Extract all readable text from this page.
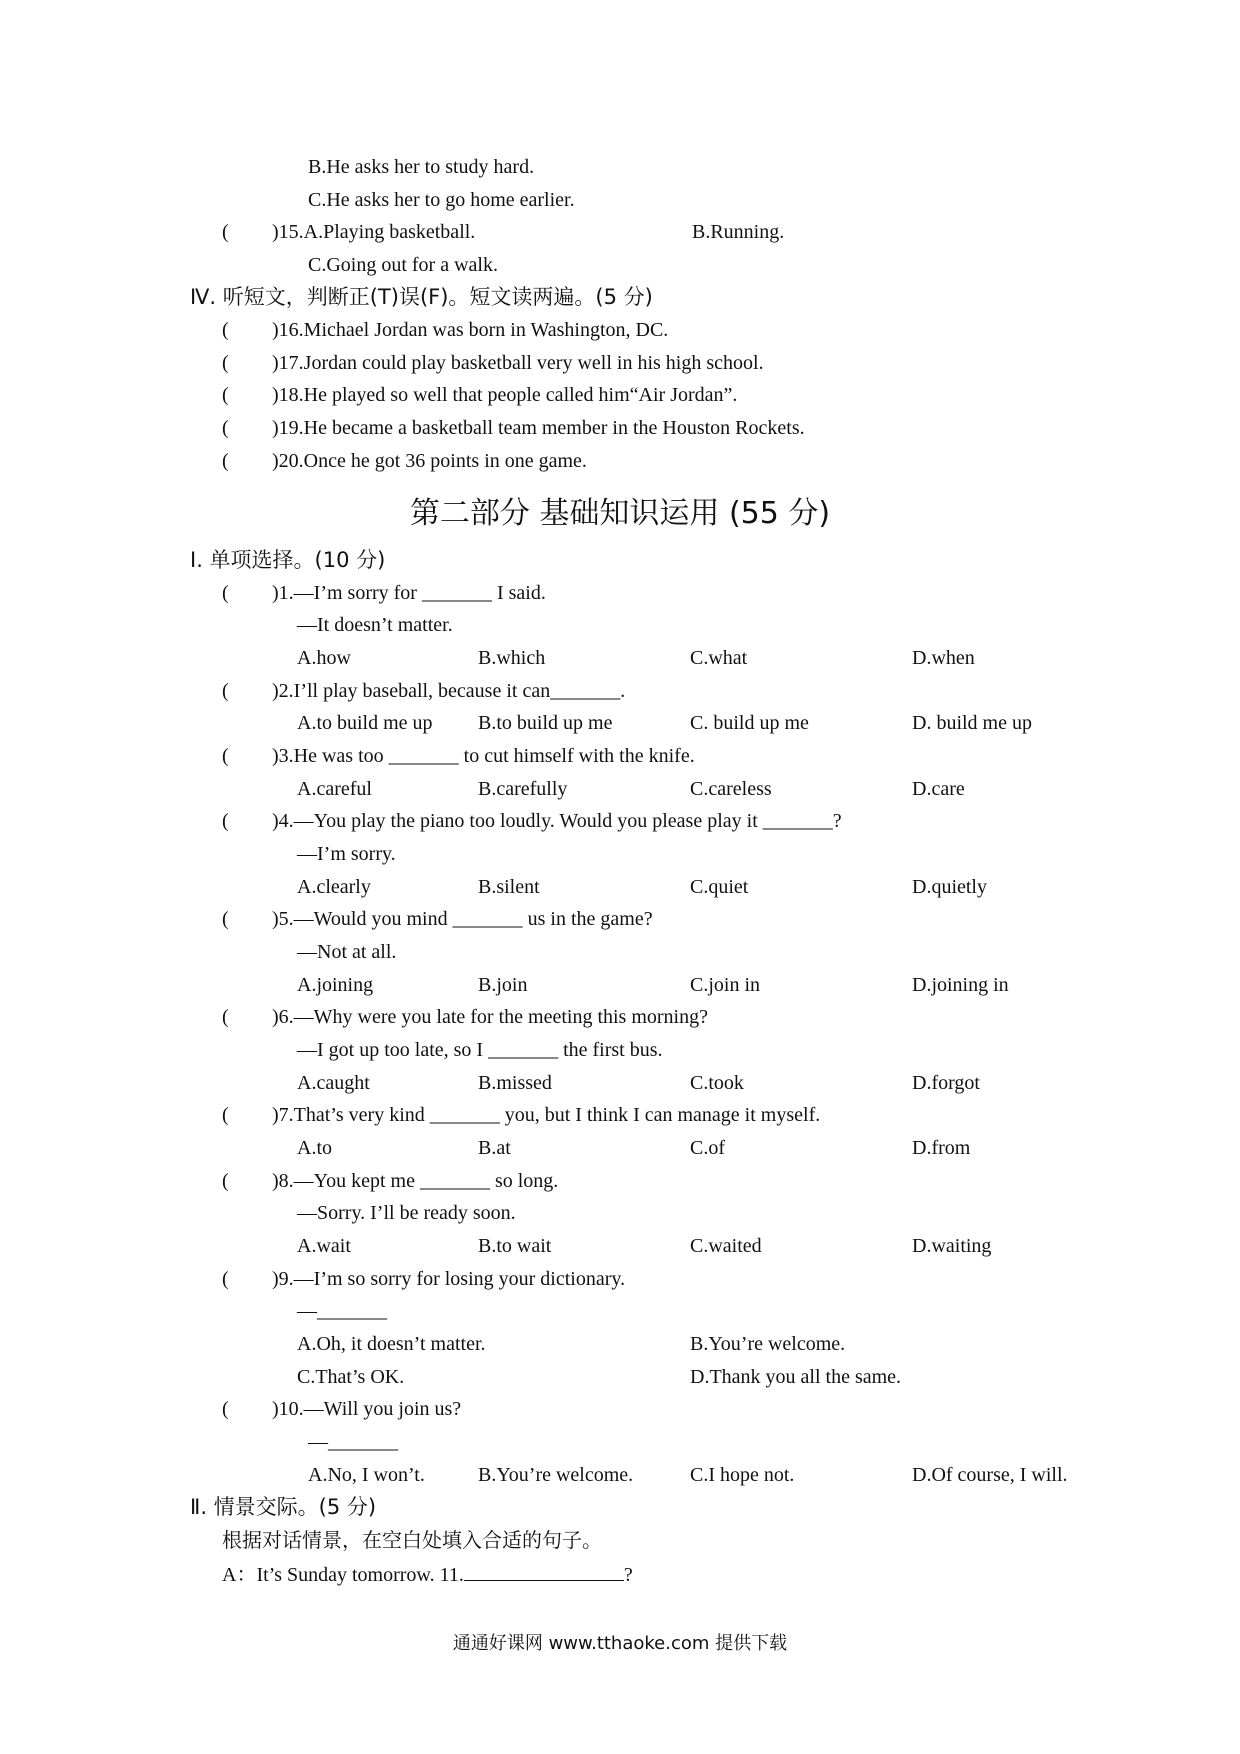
B.He asks her to study hard.
C.He asks her to go home earlier.
( )15.A.Playing basketball.	B.Running.
C.Going out for a walk.
Ⅳ. 听短文，判断正(T)误(F)。短文读两遍。(5 分)
( )16.Michael Jordan was born in Washington, DC.
( )17.Jordan could play basketball very well in his high school.
( )18.He played so well that people called him“Air Jordan”.
( )19.He became a basketball team member in the Houston Rockets.
( )20.Once he got 36 points in one game.
第二部分 基础知识运用 (55 分)
Ⅰ. 单项选择。(10 分)
( )1.—I’m sorry for _______ I said.
—It doesn’t matter.
A.how	B.which	C.what	D.when
( )2.I’ll play baseball, because it can_______.
A.to build me up B.to build up me	C. build up me	D. build me up
( )3.He was too _______ to cut himself with the knife.
A.careful	B.carefully	C.careless	D.care
( )4.—You play the piano too loudly. Would you please play it _______?
—I’m sorry.
A.clearly	B.silent	C.quiet	D.quietly
( )5.—Would you mind _______ us in the game?
—Not at all.
A.joining	B.join	C.join in	D.joining in
( )6.—Why were you late for the meeting this morning?
—I got up too late, so I _______ the first bus.
A.caught	B.missed	C.took	D.forgot
( )7.That’s very kind _______ you, but I think I can manage it myself.
A.to	B.at	C.of	D.from
( )8.—You kept me _______ so long.
—Sorry. I’ll be ready soon.
A.wait	B.to wait	C.waited	D.waiting
( )9.—I’m so sorry for losing your dictionary.
—_______
A.Oh, it doesn’t matter.	B.You’re welcome.
C.That’s OK.	D.Thank you all the same.
( )10.—Will you join us?
—_______
A.No, I won’t.	B.You’re welcome.	C.I hope not.	D.Of course, I will.
Ⅱ. 情景交际。(5 分)
根据对话情景，在空白处填入合适的句子。
A：It’s Sunday tomorrow. 11.	?
通通好课网 www.tthaoke.com 提供下载
